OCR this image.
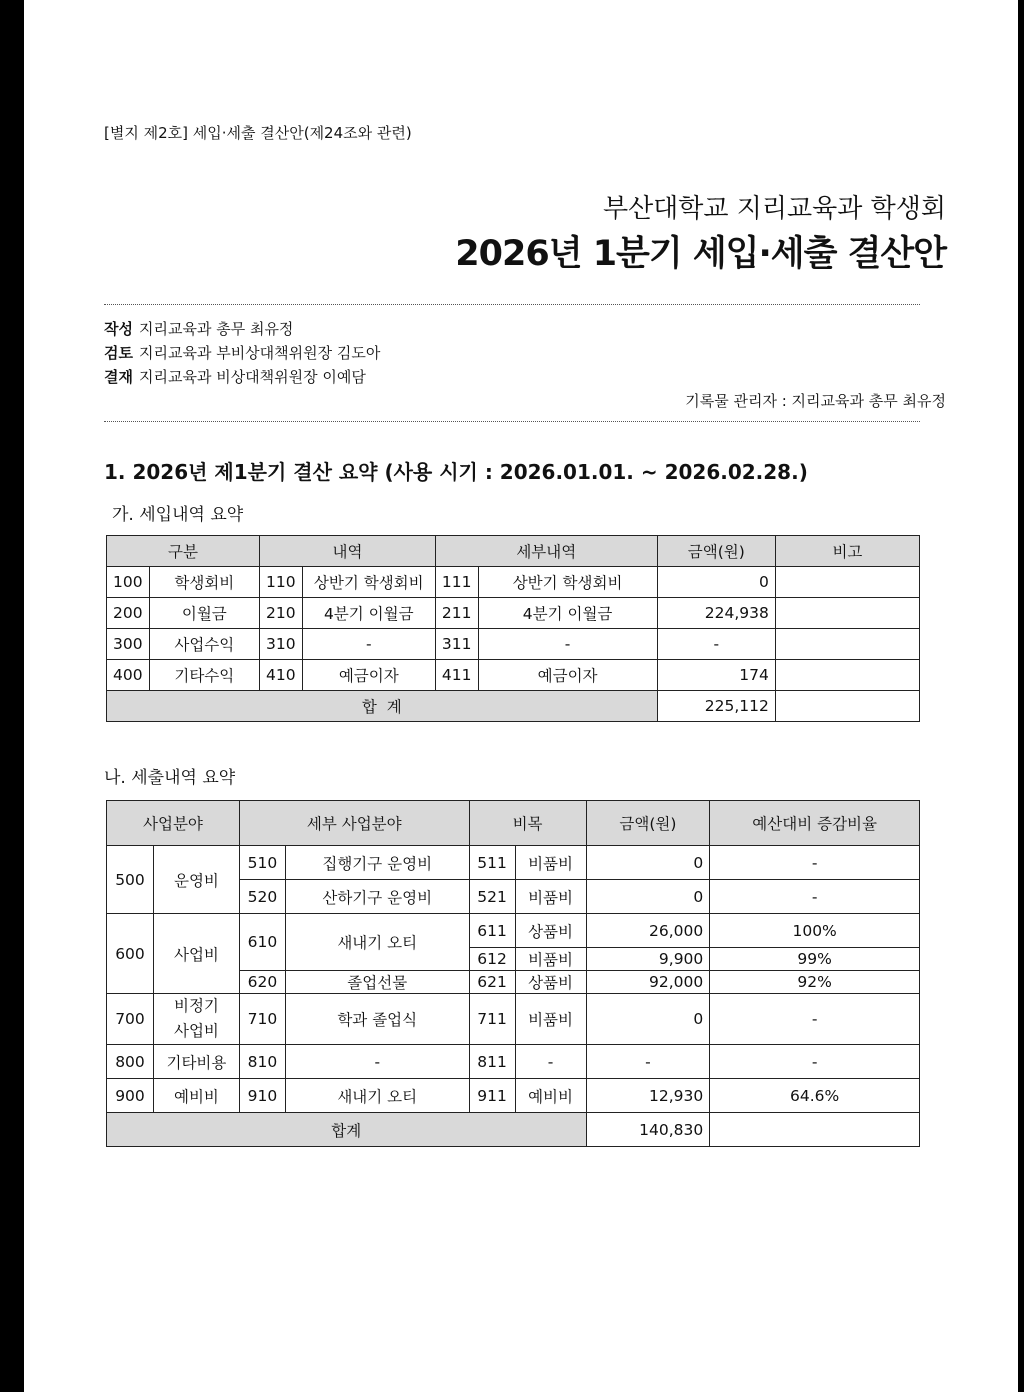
[별지 제2호] 세입·세출 결산안(제24조와 관련)
부산대학교 지리교육과 학생회
2026년 1분기 세입·세출 결산안
작성 지리교육과 총무 최유정
검토 지리교육과 부비상대책위원장 김도아
결재 지리교육과 비상대책위원장 이예담
기록물 관리자 : 지리교육과 총무 최유정
1. 2026년 제1분기 결산 요약 (사용 시기 : 2026.01.01. ~ 2026.02.28.)
가. 세입내역 요약
구분		내역		세부내역		금액(원)	비고
100	학생회비	110	상반기 학생회비	111	상반기 학생회비	0	
200	이월금	210	4분기 이월금	211	4분기 이월금	224,938	
300	사업수익	310	-	311	-	-	
400	기타수익	410	예금이자	411	예금이자	174	
합  계						225,112	
나. 세출내역 요약
사업분야		세부 사업분야		비목		금액(원)	예산대비 증감비율
500	운영비	510	집행기구 운영비	511	비품비	0	-
		520	산하기구 운영비	521	비품비	0	-
600	사업비	610	새내기 오티	611	상품비	26,000	100%
				612	비품비	9,900	99%
		620	졸업선물	621	상품비	92,000	92%
700	비정기
사업비	710	학과 졸업식	711	비품비	0	-
800	기타비용	810	-	811	-	-	-
900	예비비	910	새내기 오티	911	예비비	12,930	64.6%
합계						140,830	
